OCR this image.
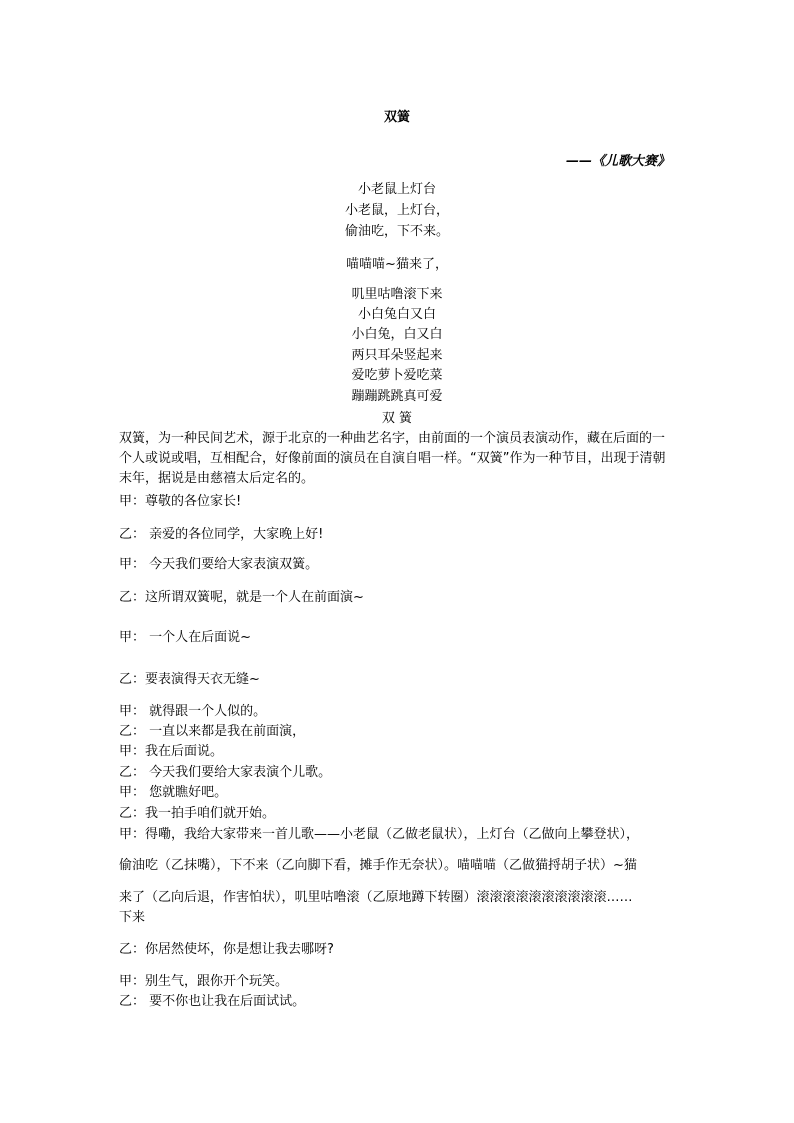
双簧
——《儿歌大赛》
小老鼠上灯台
小老鼠，上灯台，
偷油吃，下不来。
喵喵喵~猫来了，
叽里咕噜滚下来
小白兔白又白
小白兔，白又白
两只耳朵竖起来
爱吃萝卜爱吃菜
蹦蹦跳跳真可爱
双 簧
双簧，为一种民间艺术，源于北京的一种曲艺名字，由前面的一个演员表演动作，藏在后面的一个人或说或唱，互相配合，好像前面的演员在自演自唱一样。“双簧”作为一种节目，出现于清朝末年，据说是由慈禧太后定名的。
甲：尊敬的各位家长!
乙： 亲爱的各位同学，大家晚上好!
甲： 今天我们要给大家表演双簧。
乙：这所谓双簧呢，就是一个人在前面演~
甲： 一个人在后面说~
乙：要表演得天衣无缝~
甲： 就得跟一个人似的。
乙： 一直以来都是我在前面演，
甲：我在后面说。
乙： 今天我们要给大家表演个儿歌。
甲： 您就瞧好吧。
乙：我一拍手咱们就开始。
甲：得嘞，我给大家带来一首儿歌——小老鼠（乙做老鼠状），上灯台（乙做向上攀登状），
偷油吃（乙抹嘴），下不来（乙向脚下看，摊手作无奈状）。喵喵喵（乙做猫捋胡子状）~猫
来了（乙向后退，作害怕状），叽里咕噜滚（乙原地蹲下转圈）滚滚滚滚滚滚滚滚滚滚……
下来
乙：你居然使坏，你是想让我去哪呀?
甲：别生气，跟你开个玩笑。
乙： 要不你也让我在后面试试。
